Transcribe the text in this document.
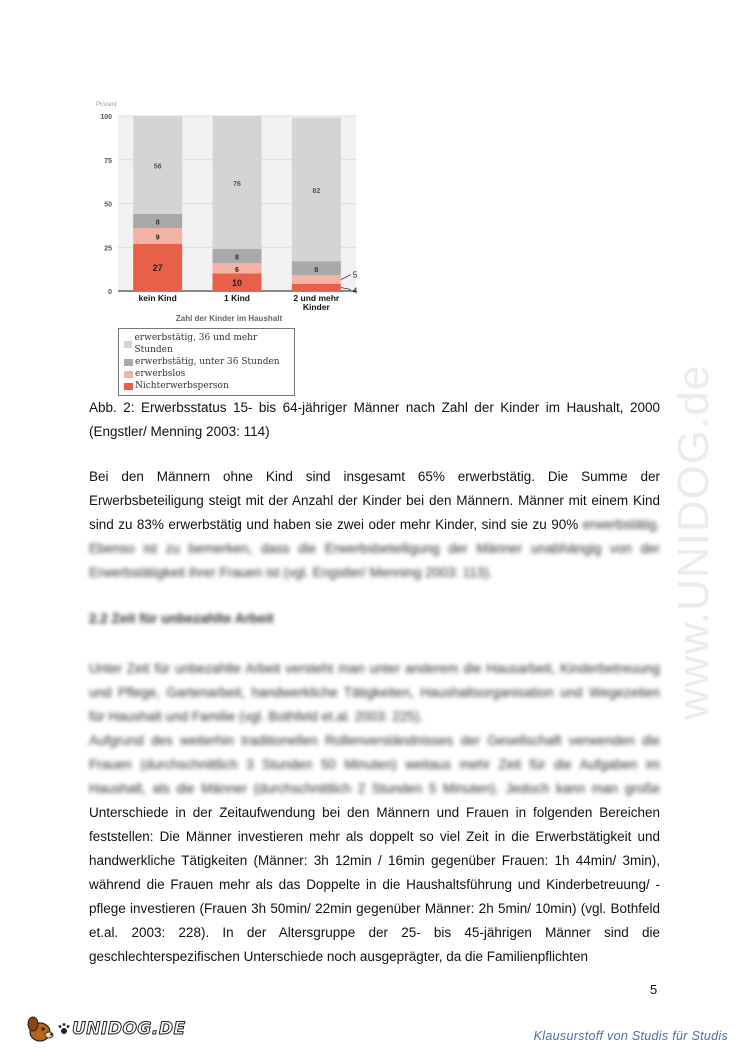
Prozent
100
75
50
25
0
27
9
8
56
kein Kind
10
6
8
76
1 Kind
8
82
2 und mehr
Kinder
5
4
Zahl der Kinder im Haushalt
erwerbstätig, 36 und mehr Stunden
erwerbstätig, unter 36 Stunden
erwerbslos
Nichterwerbsperson
Abb. 2: Erwerbsstatus 15- bis 64-jähriger Männer nach Zahl der Kinder im Haushalt, 2000 (Engstler/ Menning 2003: 114)
Bei den Männern ohne Kind sind insgesamt 65% erwerbstätig. Die Summe der Erwerbsbeteiligung steigt mit der Anzahl der Kinder bei den Männern. Männer mit einem Kind sind zu 83% erwerbstätig und haben sie zwei oder mehr Kinder, sind sie zu 90% erwerbstätig. Ebenso ist zu bemerken, dass die Erwerbsbeteiligung der Männer unabhängig von der Erwerbstätigkeit ihrer Frauen ist (vgl. Engstler/ Menning 2003: 113).
2.2 Zeit für unbezahlte Arbeit
Unter Zeit für unbezahlte Arbeit versteht man unter anderem die Hausarbeit, Kinderbetreuung und Pflege, Gartenarbeit, handwerkliche Tätigkeiten, Haushaltsorganisation und Wegezeiten für Haushalt und Familie (vgl. Bothfeld et.al. 2003: 225).
Aufgrund des weiterhin traditionellen Rollenverständnisses der Gesellschaft verwenden die Frauen (durchschnittlich 3 Stunden 50 Minuten) weitaus mehr Zeit für die Aufgaben im Haushalt, als die Männer (durchschnittlich 2 Stunden 5 Minuten). Jedoch kann man große Unterschiede in der Zeitaufwendung bei den Männern und Frauen in folgenden Bereichen feststellen: Die Männer investieren mehr als doppelt so viel Zeit in die Erwerbstätigkeit und handwerkliche Tätigkeiten (Männer: 3h 12min / 16min gegenüber Frauen: 1h 44min/ 3min), während die Frauen mehr als das Doppelte in die Haushaltsführung und Kinderbetreuung/ -pflege investieren (Frauen 3h 50min/ 22min gegenüber Männer: 2h 5min/ 10min) (vgl. Bothfeld et.al. 2003: 228). In der Altersgruppe der 25- bis 45-jährigen Männer sind die geschlechterspezifischen Unterschiede noch ausgeprägter, da die Familienpflichten
5
www.UNIDOG.de
UNIDOG.DE	Klausurstoff von Studis für Studis
